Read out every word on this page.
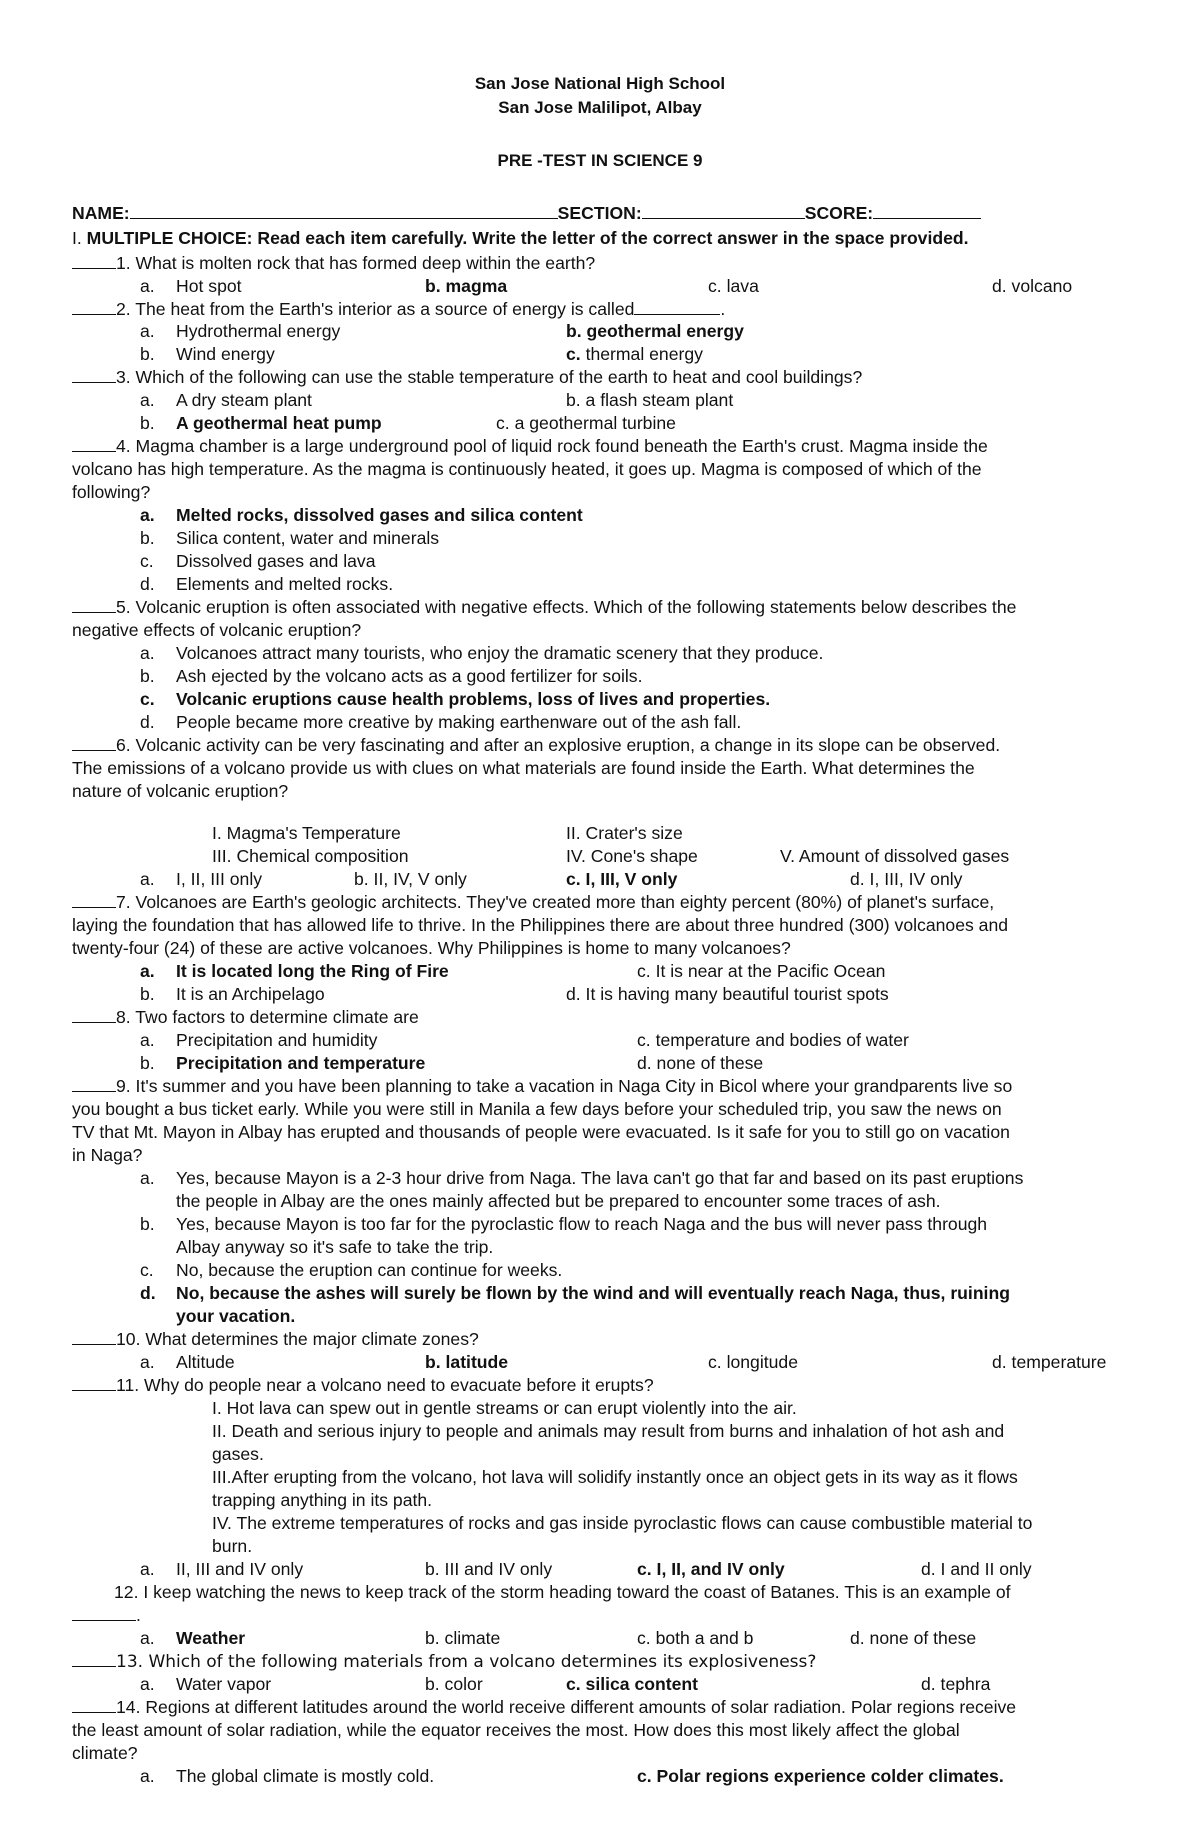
San Jose National High School
San Jose Malilipot, Albay
PRE -TEST IN SCIENCE 9
NAME:	SECTION:	SCORE:
I. MULTIPLE CHOICE: Read each item carefully. Write the letter of the correct answer in the space provided.
1. What is molten rock that has formed deep within the earth?
a. Hot spot	b. magma	c. lava	d. volcano
2. The heat from the Earth's interior as a source of energy is called	.
a. Hydrothermal energy	b. geothermal energy
b. Wind energy	c. thermal energy
3. Which of the following can use the stable temperature of the earth to heat and cool buildings?
a. A dry steam plant	b. a flash steam plant
b. A geothermal heat pump	c. a geothermal turbine
4. Magma chamber is a large underground pool of liquid rock found beneath the Earth's crust. Magma inside the
volcano has high temperature. As the magma is continuously heated, it goes up. Magma is composed of which of the
following?
a. Melted rocks, dissolved gases and silica content
b. Silica content, water and minerals
c. Dissolved gases and lava
d. Elements and melted rocks.
5. Volcanic eruption is often associated with negative effects. Which of the following statements below describes the
negative effects of volcanic eruption?
a. Volcanoes attract many tourists, who enjoy the dramatic scenery that they produce.
b. Ash ejected by the volcano acts as a good fertilizer for soils.
c. Volcanic eruptions cause health problems, loss of lives and properties.
d. People became more creative by making earthenware out of the ash fall.
6. Volcanic activity can be very fascinating and after an explosive eruption, a change in its slope can be observed.
The emissions of a volcano provide us with clues on what materials are found inside the Earth. What determines the
nature of volcanic eruption?
I. Magma's Temperature	II. Crater's size
III. Chemical composition	IV. Cone's shape	V. Amount of dissolved gases
a. I, II, III only	b. II, IV, V only	c. I, III, V only	d. I, III, IV only
7. Volcanoes are Earth's geologic architects. They've created more than eighty percent (80%) of planet's surface,
laying the foundation that has allowed life to thrive. In the Philippines there are about three hundred (300) volcanoes and
twenty-four (24) of these are active volcanoes. Why Philippines is home to many volcanoes?
a. It is located long the Ring of Fire	c. It is near at the Pacific Ocean
b. It is an Archipelago	d. It is having many beautiful tourist spots
8. Two factors to determine climate are
a. Precipitation and humidity	c. temperature and bodies of water
b. Precipitation and temperature	d. none of these
9. It's summer and you have been planning to take a vacation in Naga City in Bicol where your grandparents live so
you bought a bus ticket early. While you were still in Manila a few days before your scheduled trip, you saw the news on
TV that Mt. Mayon in Albay has erupted and thousands of people were evacuated. Is it safe for you to still go on vacation
in Naga?
a. Yes, because Mayon is a 2-3 hour drive from Naga. The lava can't go that far and based on its past eruptions
the people in Albay are the ones mainly affected but be prepared to encounter some traces of ash.
b. Yes, because Mayon is too far for the pyroclastic flow to reach Naga and the bus will never pass through
Albay anyway so it's safe to take the trip.
c. No, because the eruption can continue for weeks.
d. No, because the ashes will surely be flown by the wind and will eventually reach Naga, thus, ruining
your vacation.
10. What determines the major climate zones?
a. Altitude	b. latitude	c. longitude	d. temperature
11. Why do people near a volcano need to evacuate before it erupts?
I. Hot lava can spew out in gentle streams or can erupt violently into the air.
II. Death and serious injury to people and animals may result from burns and inhalation of hot ash and
gases.
III.After erupting from the volcano, hot lava will solidify instantly once an object gets in its way as it flows
trapping anything in its path.
IV. The extreme temperatures of rocks and gas inside pyroclastic flows can cause combustible material to
burn.
a. II, III and IV only	b. III and IV only	c. I, II, and IV only	d. I and II only
12. I keep watching the news to keep track of the storm heading toward the coast of Batanes. This is an example of
.
a. Weather	b. climate	c. both a and b	d. none of these
13. Which of the following materials from a volcano determines its explosiveness?
a. Water vapor	b. color	c. silica content	d. tephra
14. Regions at different latitudes around the world receive different amounts of solar radiation. Polar regions receive
the least amount of solar radiation, while the equator receives the most. How does this most likely affect the global
climate?
a. The global climate is mostly cold.	c. Polar regions experience colder climates.
